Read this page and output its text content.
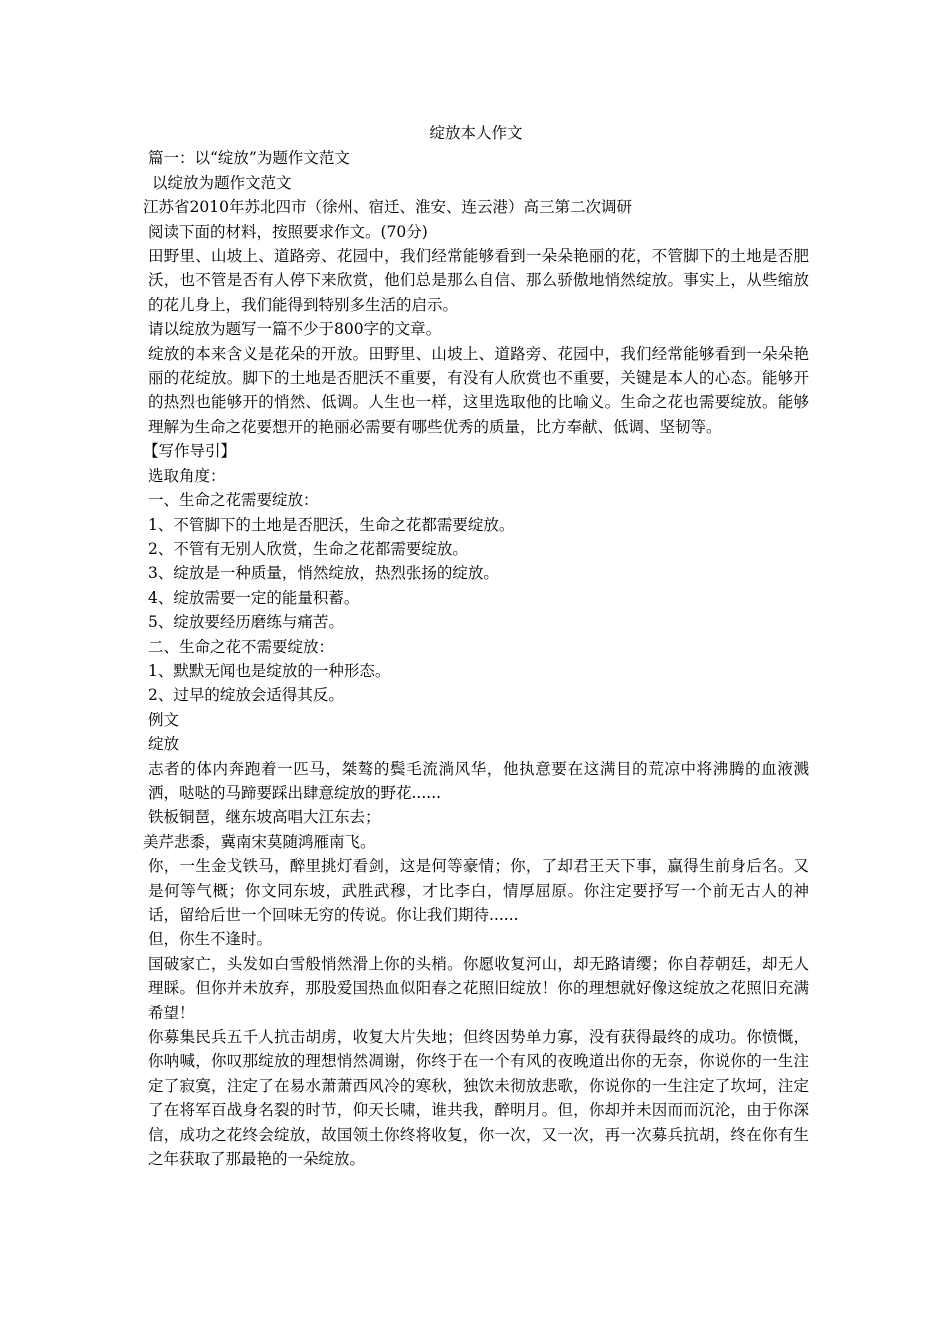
绽放本人作文

篇一：以“绽放”为题作文范文

以绽放为题作文范文

江苏省2010年苏北四市（徐州、宿迁、淮安、连云港）高三第二次调研

阅读下面的材料，按照要求作文。(70分)

田野里、山坡上、道路旁、花园中，我们经常能够看到一朵朵艳丽的花，不管脚下的土地是否肥沃，也不管是否有人停下来欣赏，他们总是那么自信、那么骄傲地悄然绽放。事实上，从些缩放的花儿身上，我们能得到特别多生活的启示。

请以绽放为题写一篇不少于800字的文章。

绽放的本来含义是花朵的开放。田野里、山坡上、道路旁、花园中，我们经常能够看到一朵朵艳丽的花绽放。脚下的土地是否肥沃不重要，有没有人欣赏也不重要，关键是本人的心态。能够开的热烈也能够开的悄然、低调。人生也一样，这里选取他的比喻义。生命之花也需要绽放。能够理解为生命之花要想开的艳丽必需要有哪些优秀的质量，比方奉献、低调、坚韧等。

【写作导引】

选取角度：

一、生命之花需要绽放：

1、不管脚下的土地是否肥沃，生命之花都需要绽放。

2、不管有无别人欣赏，生命之花都需要绽放。

3、绽放是一种质量，悄然绽放，热烈张扬的绽放。

4、绽放需要一定的能量积蓄。

5、绽放要经历磨练与痛苦。

二、生命之花不需要绽放：

1、默默无闻也是绽放的一种形态。

2、过早的绽放会适得其反。

例文

绽放

志者的体内奔跑着一匹马，桀骜的鬓毛流淌风华，他执意要在这满目的荒凉中将沸腾的血液溅洒，哒哒的马蹄要踩出肆意绽放的野花......

铁板铜琶，继东坡高唱大江东去；

美芹悲黍，冀南宋莫随鸿雁南飞。

你，一生金戈铁马，醉里挑灯看剑，这是何等豪情；你，了却君王天下事，赢得生前身后名。又是何等气概；你文同东坡，武胜武穆，才比李白，情厚屈原。你注定要抒写一个前无古人的神话，留给后世一个回味无穷的传说。你让我们期待......

但，你生不逢时。

国破家亡，头发如白雪般悄然滑上你的头梢。你愿收复河山，却无路请缨；你自荐朝廷，却无人理睬。但你并未放弃，那股爱国热血似阳春之花照旧绽放！你的理想就好像这绽放之花照旧充满希望！

你募集民兵五千人抗击胡虏，收复大片失地；但终因势单力寡，没有获得最终的成功。你愤慨，你呐喊，你叹那绽放的理想悄然凋谢，你终于在一个有风的夜晚道出你的无奈，你说你的一生注定了寂寞，注定了在易水萧萧西风冷的寒秋，独饮未彻放悲歌，你说你的一生注定了坎坷，注定了在将军百战身名裂的时节，仰天长啸，谁共我，醉明月。但，你却并未因而而沉沦，由于你深信，成功之花终会绽放，故国领土你终将收复，你一次，又一次，再一次募兵抗胡，终在你有生之年获取了那最艳的一朵绽放。
